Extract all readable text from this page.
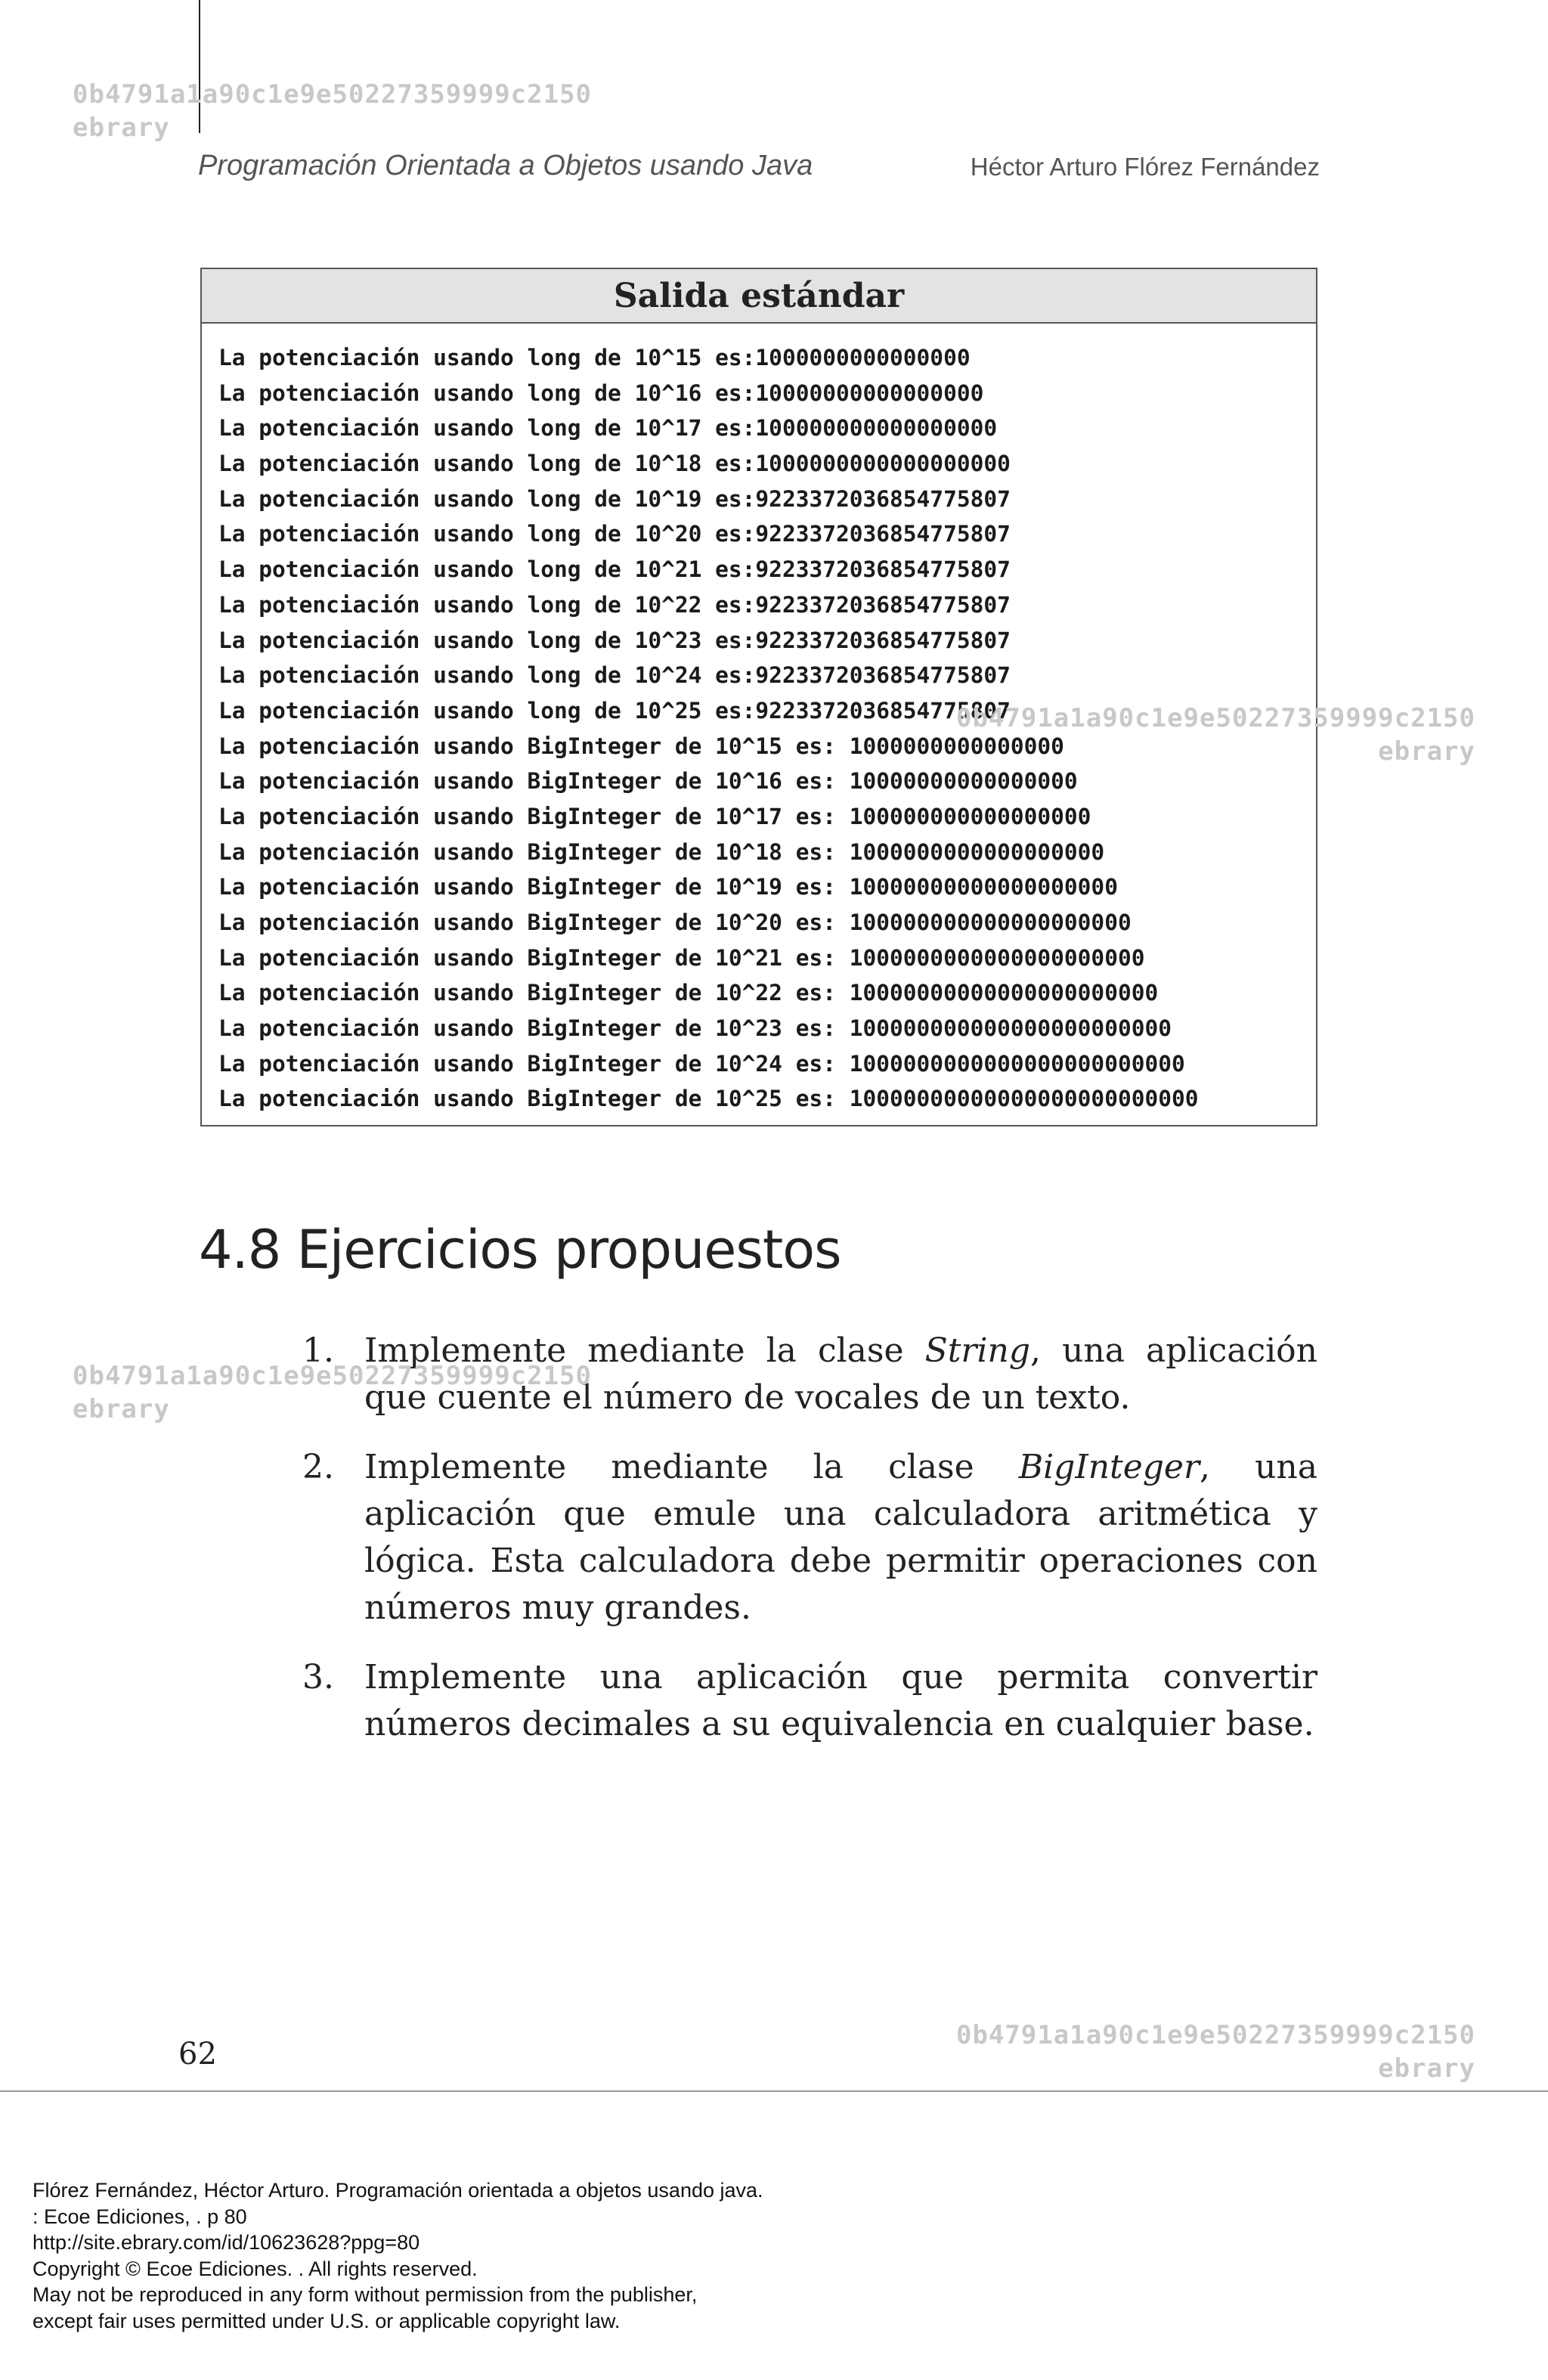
0b4791a1a90c1e9e50227359999c2150
ebrary
Programación Orientada a Objetos usando Java	Héctor Arturo Flórez Fernández
Salida estándar
La potenciación usando long de 10^15 es:1000000000000000
La potenciación usando long de 10^16 es:10000000000000000
La potenciación usando long de 10^17 es:100000000000000000
La potenciación usando long de 10^18 es:1000000000000000000
La potenciación usando long de 10^19 es:9223372036854775807
La potenciación usando long de 10^20 es:9223372036854775807
La potenciación usando long de 10^21 es:9223372036854775807
La potenciación usando long de 10^22 es:9223372036854775807
La potenciación usando long de 10^23 es:9223372036854775807
La potenciación usando long de 10^24 es:9223372036854775807
La potenciación usando long de 10^25 es:9223372036854775807
La potenciación usando BigInteger de 10^15 es: 1000000000000000
La potenciación usando BigInteger de 10^16 es: 10000000000000000
La potenciación usando BigInteger de 10^17 es: 100000000000000000
La potenciación usando BigInteger de 10^18 es: 1000000000000000000
La potenciación usando BigInteger de 10^19 es: 10000000000000000000
La potenciación usando BigInteger de 10^20 es: 100000000000000000000
La potenciación usando BigInteger de 10^21 es: 1000000000000000000000
La potenciación usando BigInteger de 10^22 es: 10000000000000000000000
La potenciación usando BigInteger de 10^23 es: 100000000000000000000000
La potenciación usando BigInteger de 10^24 es: 1000000000000000000000000
La potenciación usando BigInteger de 10^25 es: 10000000000000000000000000
0b4791a1a90c1e9e50227359999c2150
ebrary
4.8 Ejercicios propuestos
1. Implemente mediante la clase String, una aplicación que cuente el número de vocales de un texto.
2. Implemente mediante la clase BigInteger, una aplicación que emule una calculadora aritmética y lógica. Esta calculadora debe permitir operaciones con números muy grandes.
3. Implemente una aplicación que permita convertir números decimales a su equivalencia en cualquier base.
0b4791a1a90c1e9e50227359999c2150
ebrary
62
0b4791a1a90c1e9e50227359999c2150
ebrary
Flórez Fernández, Héctor Arturo. Programación orientada a objetos usando java.
: Ecoe Ediciones, . p 80
http://site.ebrary.com/id/10623628?ppg=80
Copyright © Ecoe Ediciones. . All rights reserved.
May not be reproduced in any form without permission from the publisher,
except fair uses permitted under U.S. or applicable copyright law.
